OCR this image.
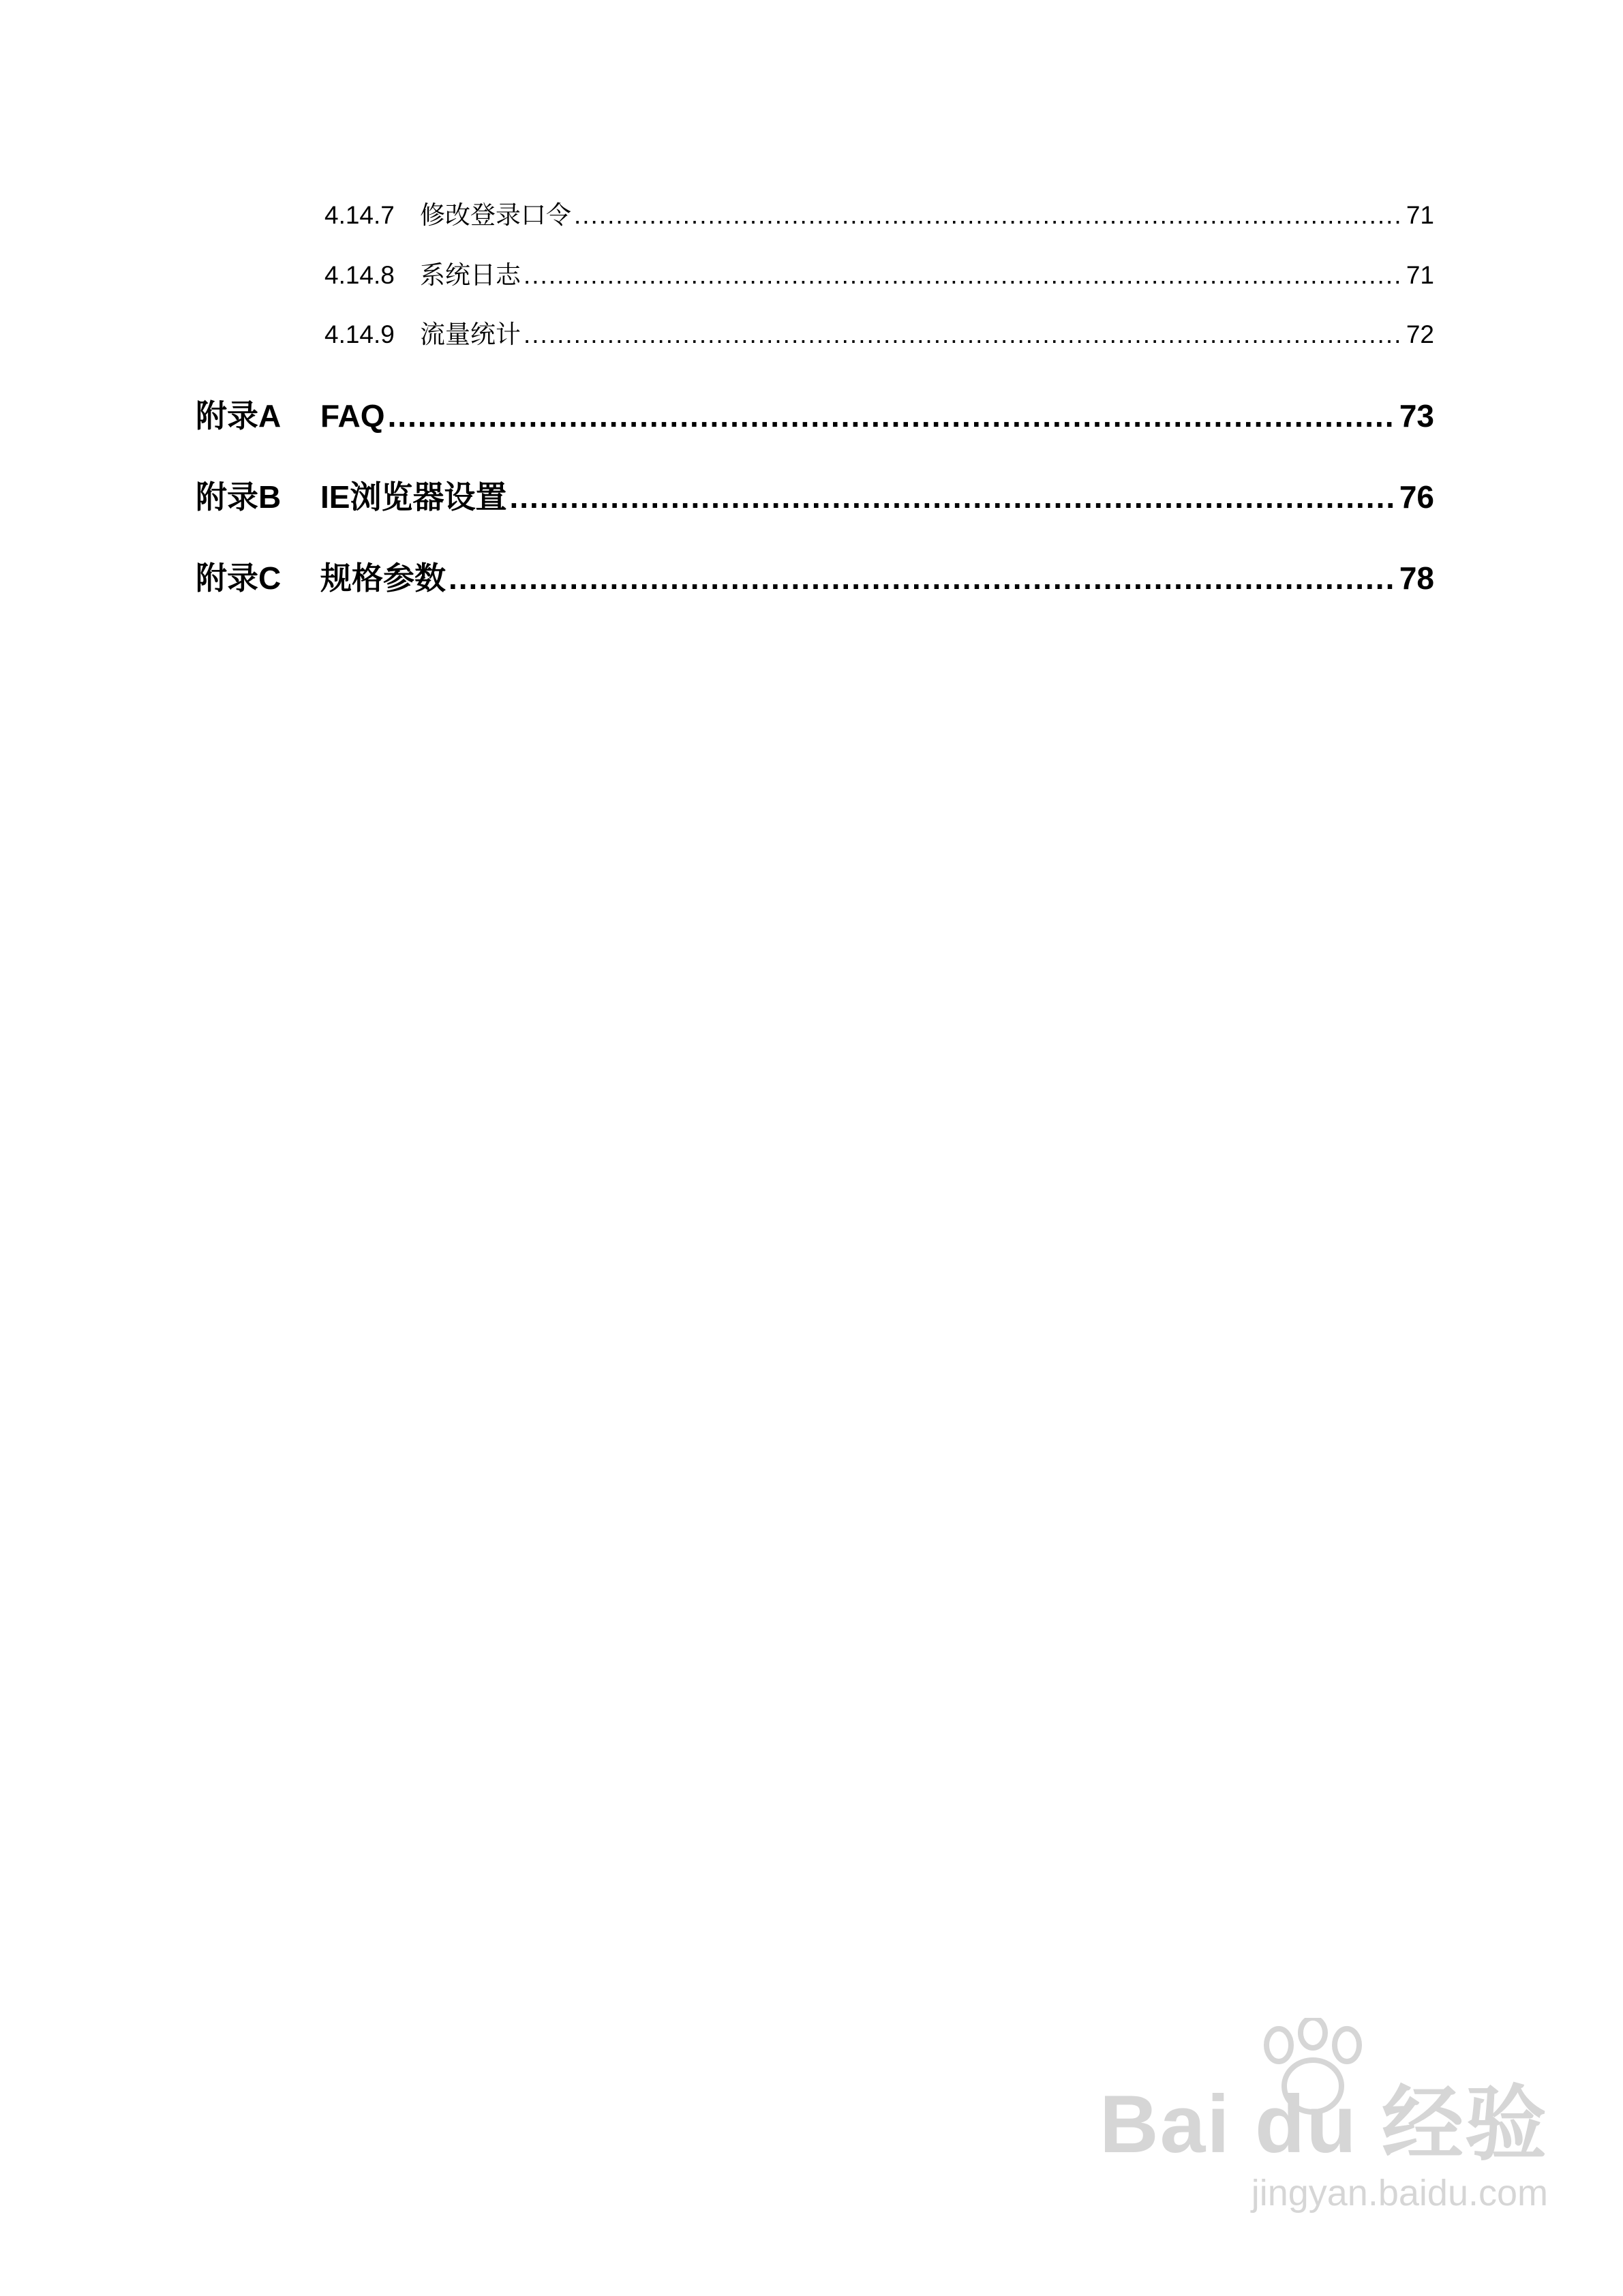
4.14.7	修改登录口令 .....	71
4.14.8	系统日志 .....	71
4.14.9	流量统计 .....	72
附录A	FAQ .....	73
附录B	IE浏览器设置 .....	76
附录C	规格参数 .....	78
Bai du 经验
jingyan.baidu.com
